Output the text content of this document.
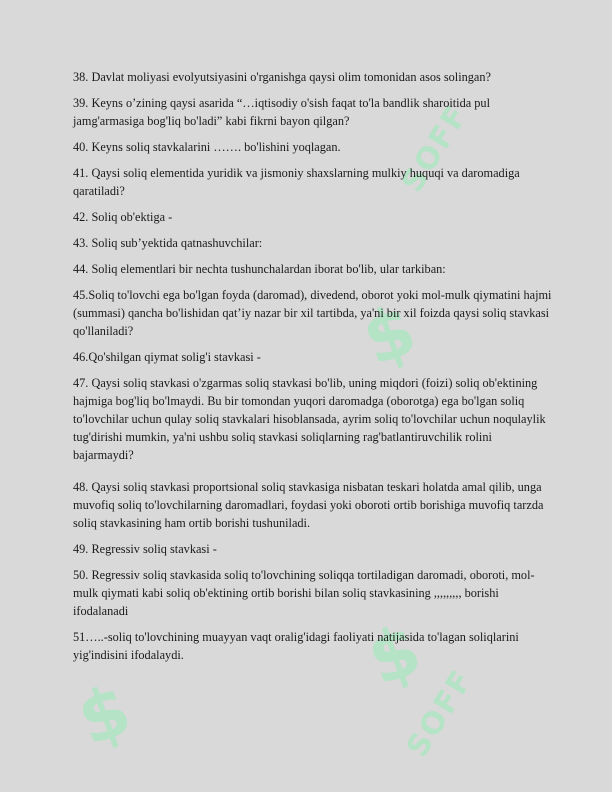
$
SOFF
$
SOFF
$

38. Davlat moliyasi evolyutsiyasini o'rganishga qaysi olim tomonidan asos solingan?

39. Keyns o’zining qaysi asarida “…iqtisodiy o'sish faqat to'la bandlik sharoitida pul jamg'armasiga bog'liq bo'ladi” kabi fikrni bayon qilgan?

40. Keyns soliq stavkalarini ……. bo'lishini yoqlagan.

41. Qaysi soliq elementida yuridik va jismoniy shaxslarning mulkiy huquqi va daromadiga qaratiladi?

42. Soliq ob'ektiga -

43. Soliq sub’yektida qatnashuvchilar:

44. Soliq elementlari bir nechta tushunchalardan iborat bo'lib, ular tarkiban:

45.Soliq to'lovchi ega bo'lgan foyda (daromad), divedend, oborot yoki mol-mulk qiymatini hajmi (summasi) qancha bo'lishidan qat’iy nazar bir xil tartibda, ya'ni bir xil foizda qaysi soliq stavkasi qo'llaniladi?

46.Qo'shilgan qiymat solig'i stavkasi -

47. Qaysi soliq stavkasi o'zgarmas soliq stavkasi bo'lib, uning miqdori (foizi) soliq ob'ektining hajmiga bog'liq bo'lmaydi. Bu bir tomondan yuqori daromadga (oborotga) ega bo'lgan soliq to'lovchilar uchun qulay soliq stavkalari hisoblansada, ayrim soliq to'lovchilar uchun noqulaylik tug'dirishi mumkin, ya'ni ushbu soliq stavkasi soliqlarning rag'batlantiruvchilik rolini bajarmaydi?

48. Qaysi soliq stavkasi proportsional soliq stavkasiga nisbatan teskari holatda amal qilib, unga muvofiq soliq to'lovchilarning daromadlari, foydasi yoki oboroti ortib borishiga muvofiq tarzda soliq stavkasining ham ortib borishi tushuniladi.

49. Regressiv soliq stavkasi -

50. Regressiv soliq stavkasida soliq to'lovchining soliqqa tortiladigan daromadi, oboroti, mol-mulk qiymati kabi soliq ob'ektining ortib borishi bilan soliq stavkasining ,,,,,,,,, borishi ifodalanadi

51…..-soliq to'lovchining muayyan vaqt oralig'idagi faoliyati natijasida to'lagan soliqlarini yig'indisini ifodalaydi.
